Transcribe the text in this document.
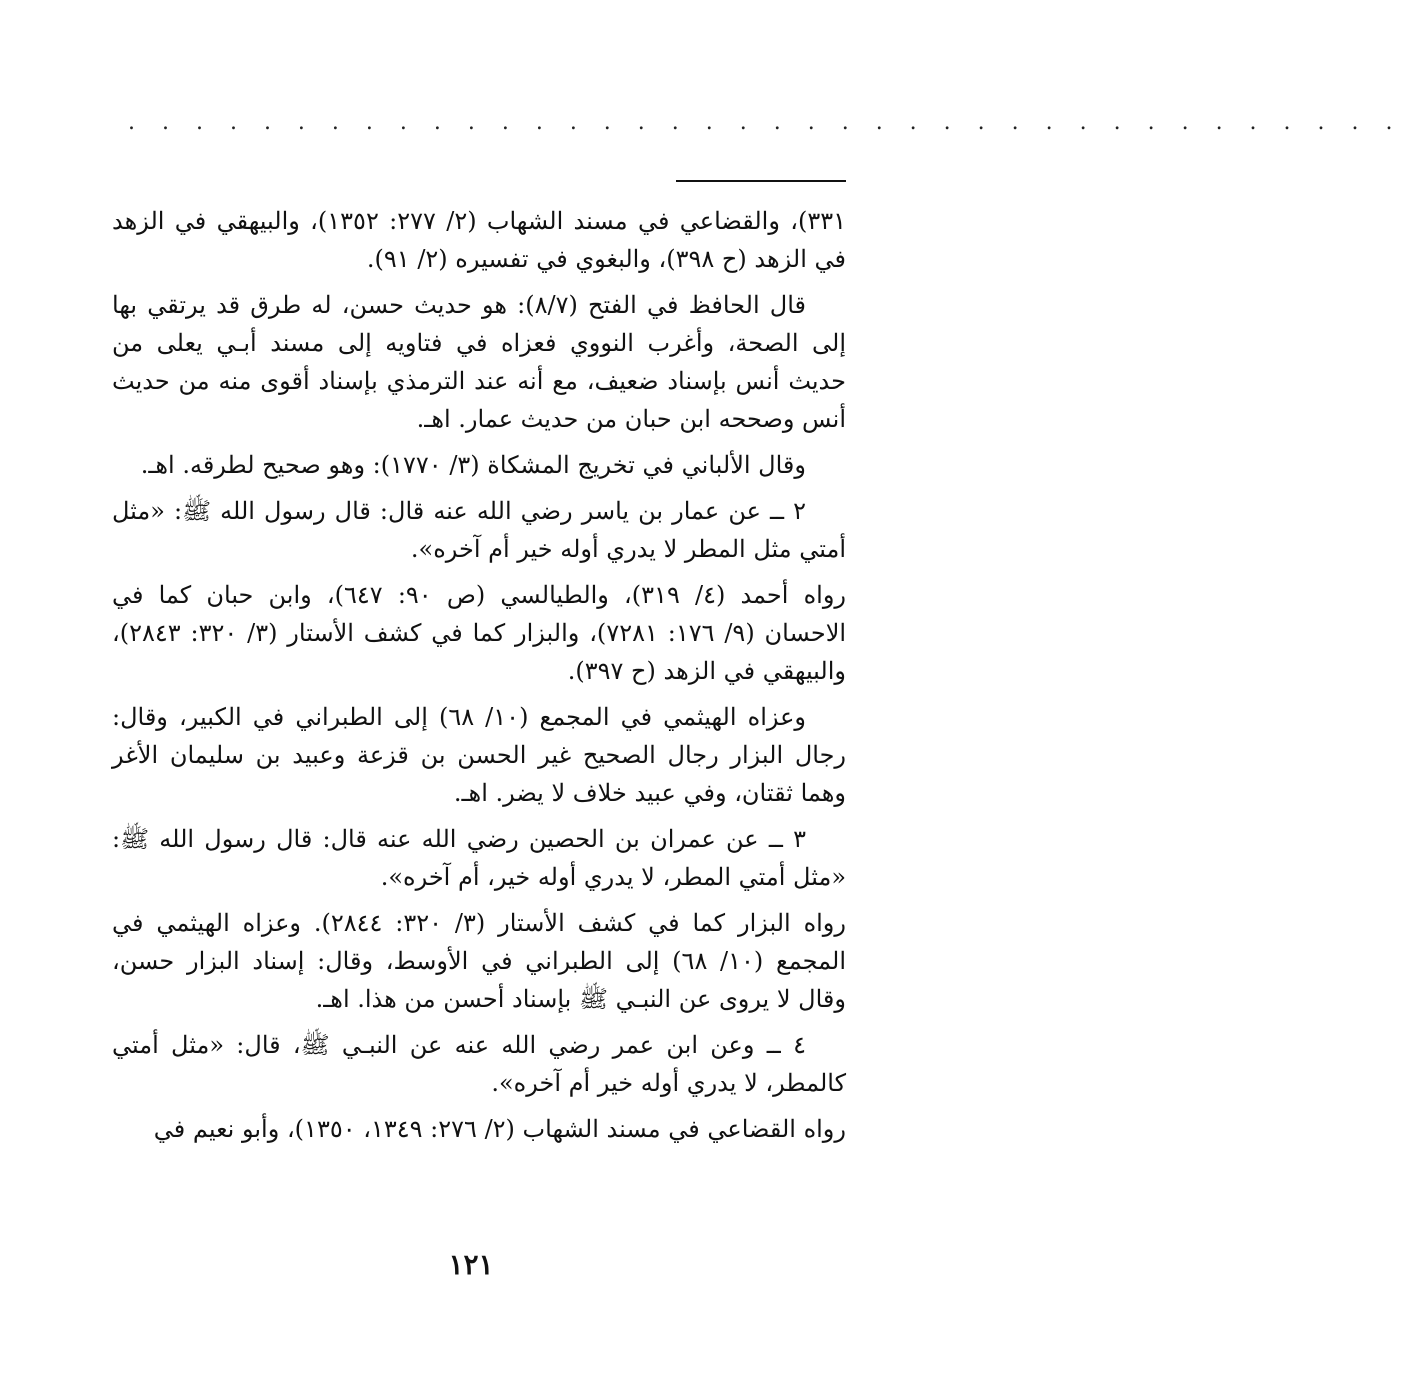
. . . . . . . . . . . . . . . . . . . . . . . . . . . . . . . . . . . . . .

٣٣١)، والقضاعي في مسند الشهاب (٢/ ٢٧٧: ١٣٥٢)، والبيهقي في الزهد في الزهد (ح ٣٩٨)، والبغوي في تفسيره (٢/ ٩١).

قال الحافظ في الفتح (٨/٧): هو حديث حسن، له طرق قد يرتقي بها إلى الصحة، وأغرب النووي فعزاه في فتاويه إلى مسند أبـي يعلى من حديث أنس بإسناد ضعيف، مع أنه عند الترمذي بإسناد أقوى منه من حديث أنس وصححه ابن حبان من حديث عمار. اهـ.

وقال الألباني في تخريج المشكاة (٣/ ١٧٧٠): وهو صحيح لطرقه. اهـ.

٢ ــ عن عمار بن ياسر رضي الله عنه قال: قال رسول الله ﷺ: «مثل أمتي مثل المطر لا يدري أوله خير أم آخره».

رواه أحمد (٤/ ٣١٩)، والطيالسي (ص ٩٠: ٦٤٧)، وابن حبان كما في الاحسان (٩/ ١٧٦: ٧٢٨١)، والبزار كما في كشف الأستار (٣/ ٣٢٠: ٢٨٤٣)، والبيهقي في الزهد (ح ٣٩٧).

وعزاه الهيثمي في المجمع (١٠/ ٦٨) إلى الطبراني في الكبير، وقال: رجال البزار رجال الصحيح غير الحسن بن قزعة وعبيد بن سليمان الأغر وهما ثقتان، وفي عبيد خلاف لا يضر. اهـ.

٣ ــ عن عمران بن الحصين رضي الله عنه قال: قال رسول الله ﷺ: «مثل أمتي المطر، لا يدري أوله خير، أم آخره».

رواه البزار كما في كشف الأستار (٣/ ٣٢٠: ٢٨٤٤). وعزاه الهيثمي في المجمع (١٠/ ٦٨) إلى الطبراني في الأوسط، وقال: إسناد البزار حسن، وقال لا يروى عن النبـي ﷺ بإسناد أحسن من هذا. اهـ.

٤ ــ وعن ابن عمر رضي الله عنه عن النبـي ﷺ، قال: «مثل أمتي كالمطر، لا يدري أوله خير أم آخره».

رواه القضاعي في مسند الشهاب (٢/ ٢٧٦: ١٣٤٩، ١٣٥٠)، وأبو نعيم في

١٢١
